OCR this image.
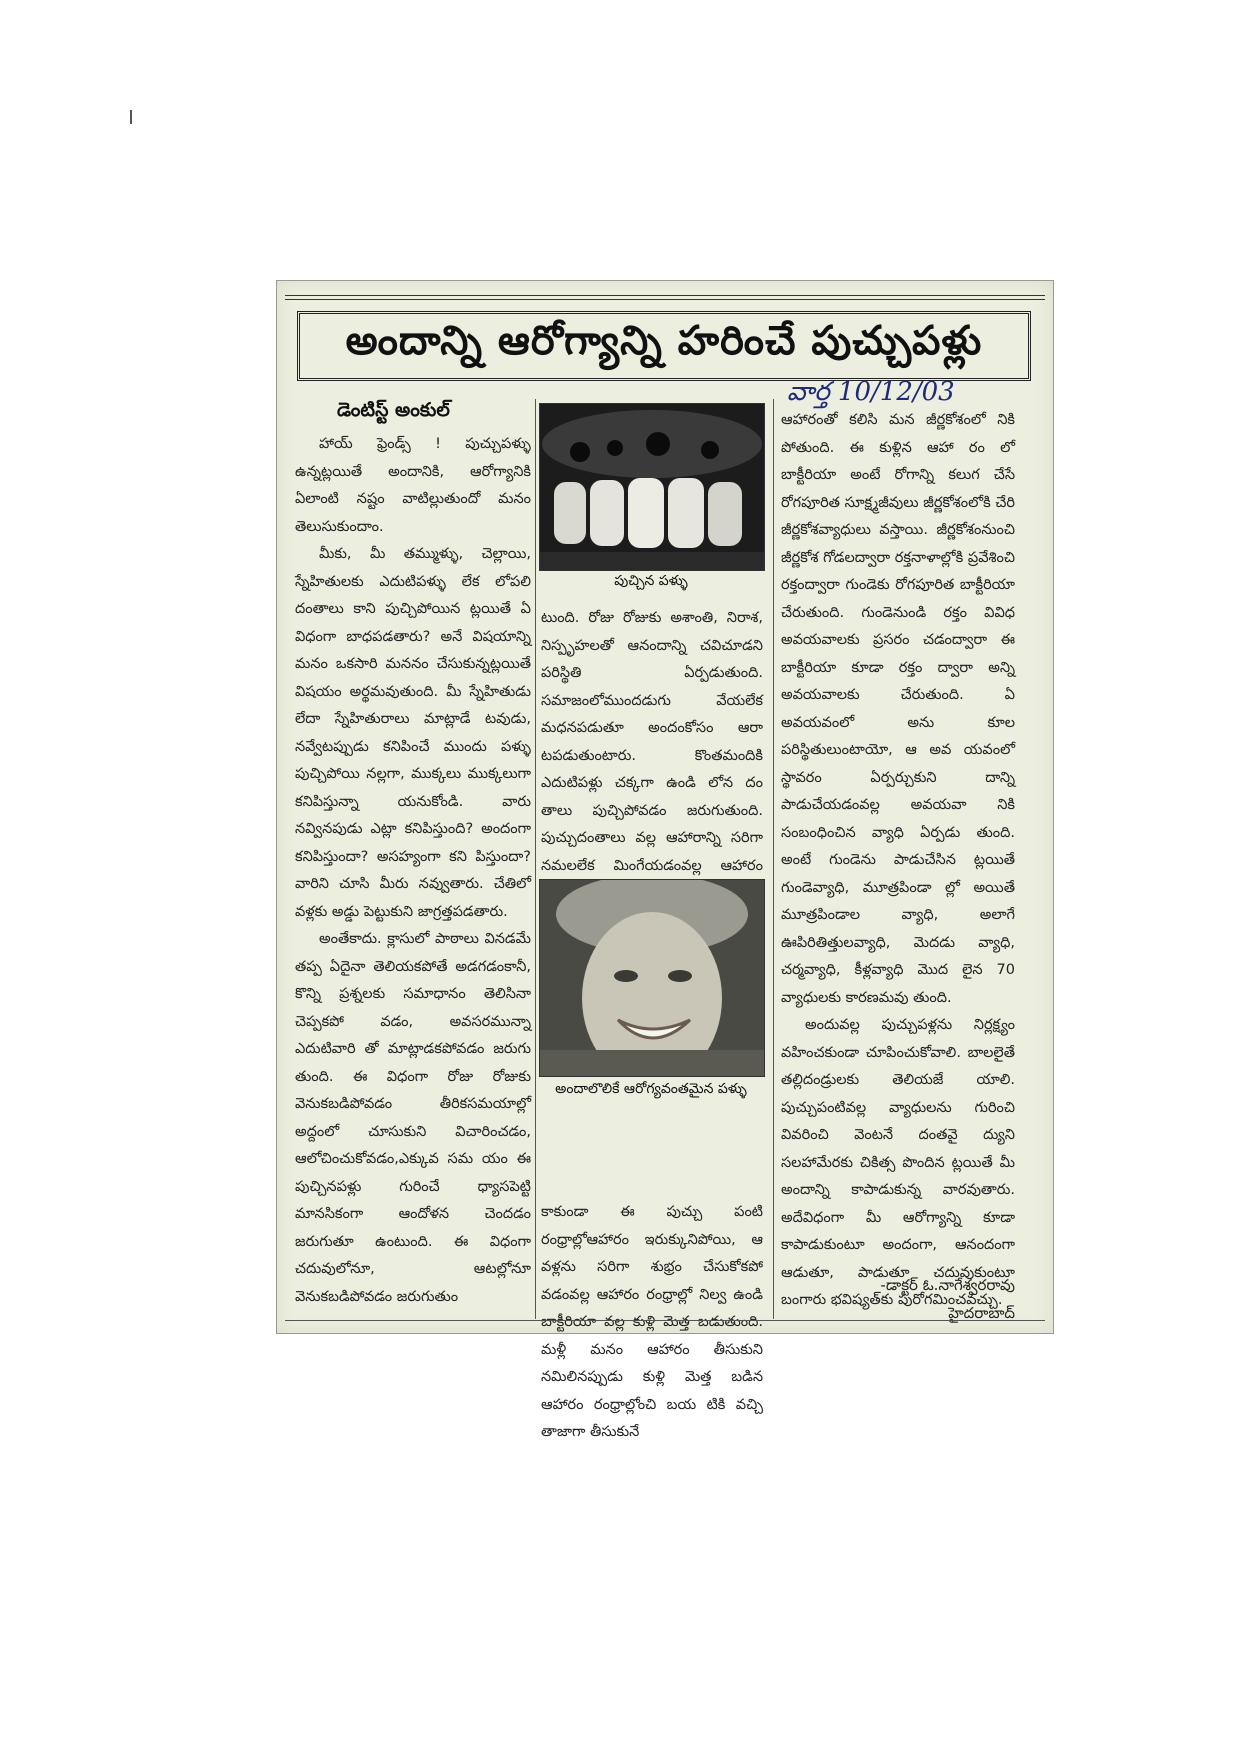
అందాన్ని ఆరోగ్యాన్ని హరించే పుచ్చుపళ్లు
వార్త 10/12/03
డెంటిస్ట్ అంకుల్

హాయ్ ఫ్రెండ్స్ ! పుచ్చుపళ్ళు ఉన్నట్లయితే అందానికి, ఆరోగ్యానికి ఏలాంటి నష్టం వాటిల్లుతుందో మనం తెలుసుకుందాం.

మీకు, మీ తమ్ముళ్ళు, చెల్లాయి, స్నేహితులకు ఎదుటిపళ్ళు లేక లోపలి దంతాలు కాని పుచ్చిపోయిన ట్లయితే ఏ విధంగా బాధపడతారు? అనే విషయాన్ని మనం ఒకసారి మననం చేసుకున్నట్లయితే విషయం అర్థమవుతుంది. మీ స్నేహితుడు లేదా స్నేహితురాలు మాట్లాడే టవుడు, నవ్వేటప్పుడు కనిపించే ముందు పళ్ళు పుచ్చిపోయి నల్లగా, ముక్కలు ముక్కలుగా కనిపిస్తున్నా యనుకోండి. వారు నవ్వినపుడు ఎట్లా కనిపిస్తుంది? అందంగా కనిపిస్తుందా? అసహ్యంగా కని పిస్తుందా? వారిని చూసి మీరు నవ్వుతారు. చేతిలో వళ్లకు అడ్డు పెట్టుకుని జాగ్రత్తపడతారు.

అంతేకాదు. క్లాసులో పాఠాలు వినడమే తప్ప ఏదైనా తెలియకపోతే అడగడంకానీ, కొన్ని ప్రశ్నలకు సమాధానం తెలిసినా చెప్పకపో వడం, అవసరమున్నా ఎదుటివారి తో మాట్లాడకపోవడం జరుగు తుంది. ఈ విధంగా రోజు రోజుకు వెనుకబడిపోవడం తీరికసమయాల్లో అద్దంలో చూసుకుని విచారించడం, ఆలోచించుకోవడం,ఎక్కువ సమ యం ఈ పుచ్చినపళ్లు గురించే ధ్యాసపెట్టి మానసికంగా ఆందోళన చెందడం జరుగుతూ ఉంటుంది. ఈ విధంగా చదువులోనూ, ఆటల్లోనూ వెనుకబడిపోవడం జరుగుతుం

పుచ్చిన పళ్ళు

టుంది. రోజు రోజుకు అశాంతి, నిరాశ, నిస్పృహలతో ఆనందాన్ని చవిచూడని పరిస్థితి ఏర్పడుతుంది. సమాజంలోముందడుగు వేయలేక మధనపడుతూ అందంకోసం ఆరా టపడుతుంటారు. కొంతమందికి ఎదుటిపళ్లు చక్కగా ఉండి లోన దం తాలు పుచ్చిపోవడం జరుగుతుంది. పుచ్చుదంతాలు వల్ల ఆహారాన్ని సరిగా నమలలేక మింగేయడంవల్ల ఆహారం

అందాలొలికే ఆరోగ్యవంతమైన పళ్ళు

కాకుండా ఈ పుచ్చు పంటి రంధ్రాల్లోఆహారం ఇరుక్కునిపోయి, ఆ వళ్లను సరిగా శుభ్రం చేసుకోకపో వడంవల్ల ఆహారం రంధ్రాల్లో నిల్వ ఉండి బాక్టీరియా వల్ల కుళ్లి మెత్త బడుతుంది. మళ్లీ మనం ఆహారం తీసుకుని నమిలినప్పుడు కుళ్లి మెత్త బడిన ఆహారం రంధ్రాల్లోంచి బయ టికి వచ్చి తాజాగా తీసుకునే

ఆహారంతో కలిసి మన జీర్ణకోశంలో నికి పోతుంది. ఈ కుళ్లిన ఆహా రం లో బాక్టీరియా అంటే రోగాన్ని కలుగ చేసే రోగపూరిత సూక్ష్మజీవులు జీర్ణకోశంలోకి చేరి జీర్ణకోశవ్యాధులు వస్తాయి. జీర్ణకోశంనుంచి జీర్ణకోశ గోడలద్వారా రక్తనాళాల్లోకి ప్రవేశించి రక్తంద్వారా గుండెకు రోగపూరిత బాక్టీరియా చేరుతుంది. గుండెనుండి రక్తం వివిధ అవయవాలకు ప్రసరం చడంద్వారా ఈ బాక్టీరియా కూడా రక్తం ద్వారా అన్ని అవయవాలకు చేరుతుంది. ఏ అవయవంలో అను కూల పరిస్థితులుంటాయో, ఆ అవ యవంలో స్థావరం ఏర్పర్చుకుని దాన్ని పాడుచేయడంవల్ల అవయవా నికి సంబంధించిన వ్యాధి ఏర్పడు తుంది. అంటే గుండెను పాడుచేసిన ట్లయితే గుండెవ్యాధి, మూత్రపిండా ల్లో అయితే మూత్రపిండాల వ్యాధి, అలాగే ఊపిరితిత్తులవ్యాధి, మెదడు వ్యాధి, చర్మవ్యాధి, కీళ్లవ్యాధి మొద లైన 70 వ్యాధులకు కారణమవు తుంది.

అందువల్ల పుచ్చుపళ్లను నిర్లక్ష్యం వహించకుండా చూపించుకోవాలి. బాలలైతే తల్లిదండ్రులకు తెలియజే యాలి. పుచ్చుపంటివల్ల వ్యాధులను గురించి వివరించి వెంటనే దంతవై ద్యుని సలహామేరకు చికిత్స పొందిన ట్లయితే మీ అందాన్ని కాపాడుకున్న వారవుతారు. అదేవిధంగా మీ ఆరోగ్యాన్ని కూడా కాపాడుకుంటూ అందంగా, ఆనందంగా ఆడుతూ, పాడుతూ చదువుకుంటూ బంగారు భవిష్యత్‌కు పురోగమించవచ్చు.

-డాక్టర్ ఓ.నాగేశ్వరరావు
హైదరాబాద్
